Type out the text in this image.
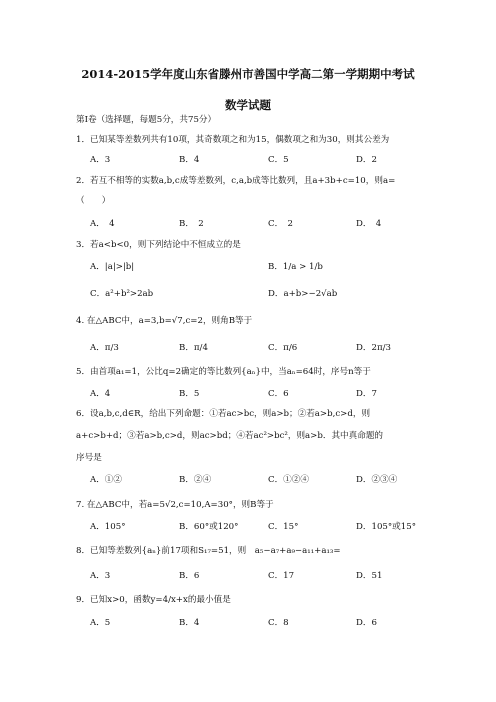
2014-2015学年度山东省滕州市善国中学高二第一学期期中考试
数学试题
第Ⅰ卷（选择题，每题5分，共75分）
1．已知某等差数列共有10项，其奇数项之和为15，偶数项之和为30，则其公差为
A．3	B．4	C．5	D．2
2．若互不相等的实数a,b,c成等差数列，c,a,b成等比数列，且a+3b+c=10，则a=
（　　）
A．　4	B．　2	C．　2	D．　4
3．若a<b<0，则下列结论中不恒成立的是
A．|a|>|b|	B．1/a > 1/b
C．a²+b²>2ab	D．a+b>−2√ab
4. 在△ABC中，a=3,b=√7,c=2，则角B等于
A．π/3	B．π/4	C．π/6	D．2π/3
5．由首项a₁=1，公比q=2确定的等比数列{aₙ}中，当aₙ=64时，序号n等于
A．4	B．5	C．6	D．7
6．设a,b,c,d∈R，给出下列命题：①若ac>bc，则a>b；②若a>b,c>d，则
a+c>b+d；③若a>b,c>d，则ac>bd；④若ac²>bc²，则a>b．其中真命题的
序号是
A．①②	B．②④	C．①②④	D．②③④
7. 在△ABC中，若a=5√2,c=10,A=30°，则B等于
A．105°	B．60°或120°	C．15°	D．105°或15°
8．已知等差数列{aₙ}前17项和S₁₇=51，则　a₅−a₇+a₉−a₁₁+a₁₃=
A．3	B．6	C．17	D．51
9．已知x>0，函数y=4/x+x的最小值是
A．5	B．4	C．8	D．6
